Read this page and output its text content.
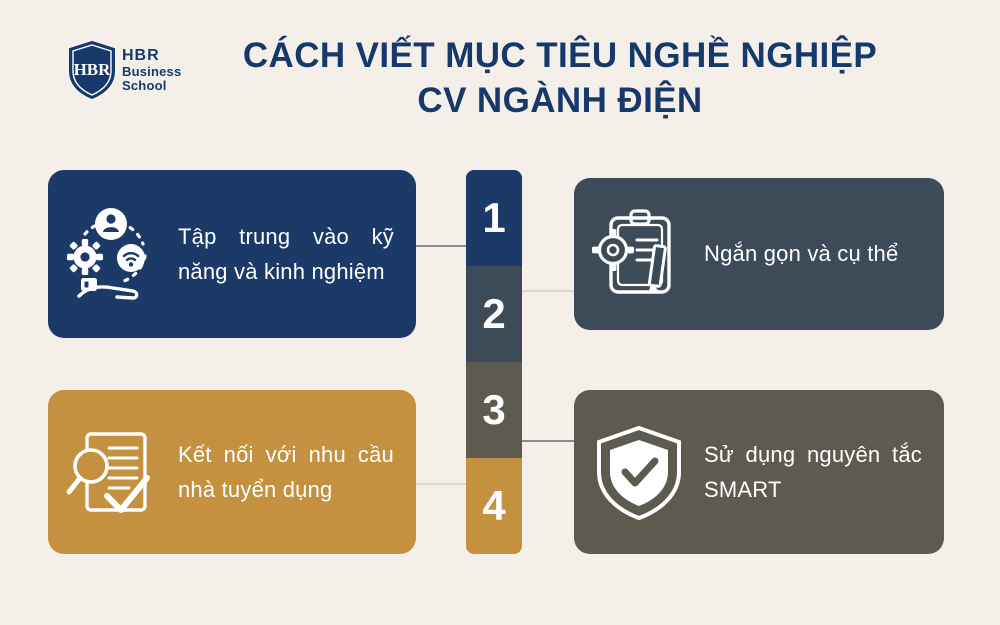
HBR
HBR
Business
School
CÁCH VIẾT MỤC TIÊU NGHỀ NGHIỆP
CV NGÀNH ĐIỆN
Tập trung vào kỹ năng và kinh nghiệm
Ngắn gọn và cụ thể
Kết nối với nhu cầu nhà tuyển dụng
Sử dụng nguyên tắc SMART
1
2
3
4
